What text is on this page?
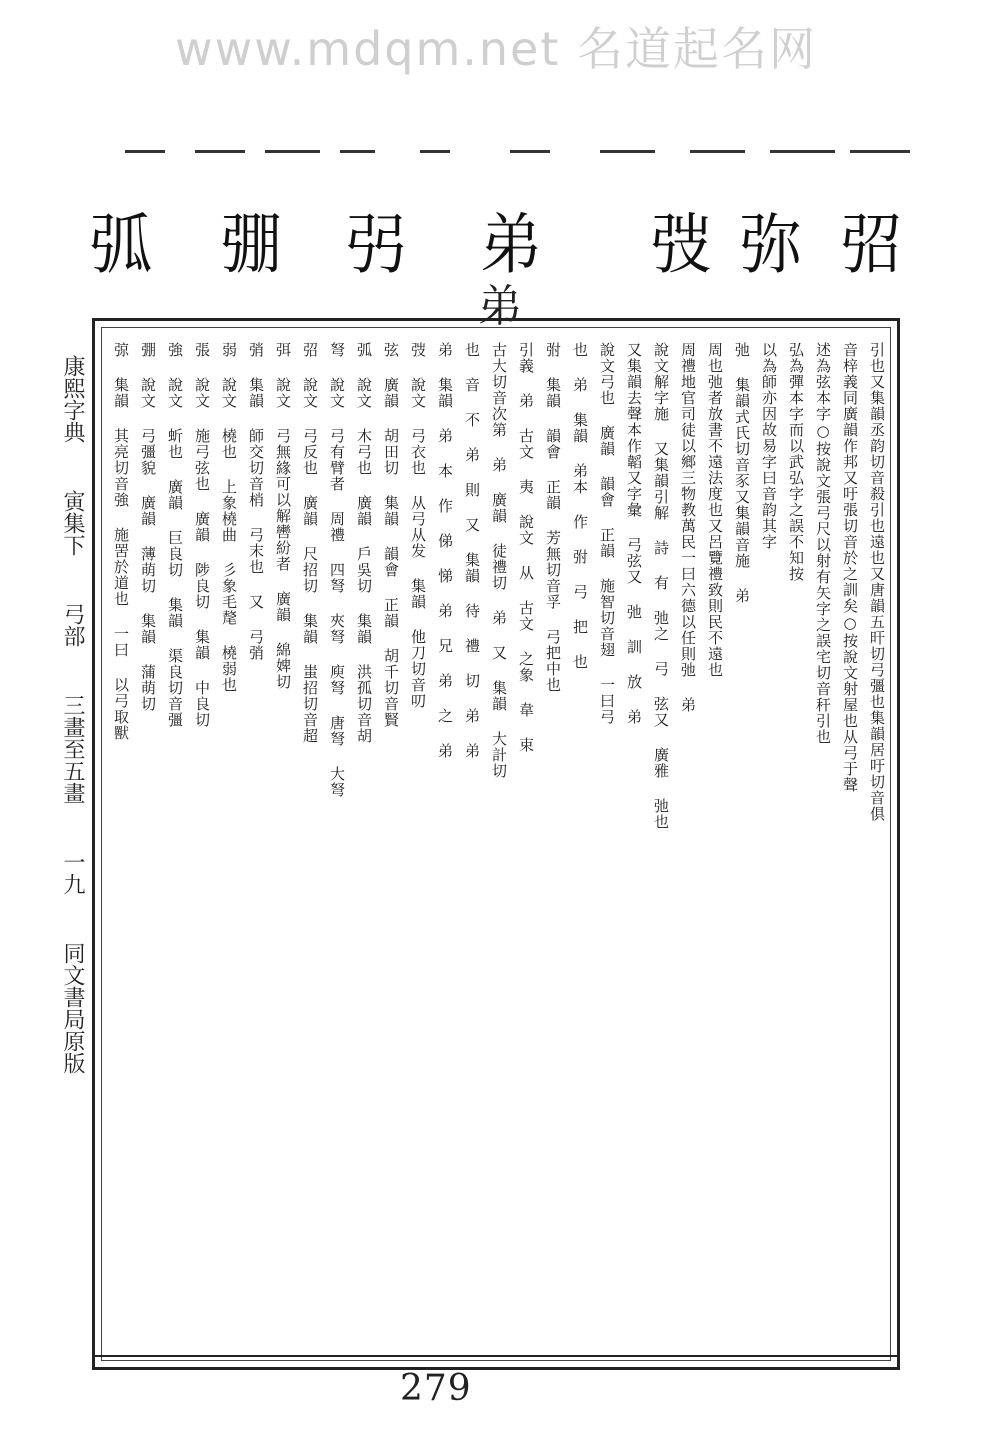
www.mdqm.net 名道起名网
弧 弸 弜 弟 弢 弥 弨
弟
康熙字典 寅集下 弓部 三畫至五畫 一九 同文書局原版
引也又集韻丞韵切音殺引也遠也又唐韻五旰切弓彊也集韻居吁切音俱
音梓義同廣韻作邦又吁張切音於之訓矣○按說文射屋也从弓于聲
述為弦本字○按說文張弓尺以射有矢字之誤宅切音秆引也
弘為彈本字而以武弘字之誤不知按
以為師亦因故易字曰音韵其字
弛 集韻式氏切音豕又集韻音施 弟
周也弛者放書不遠法度也又呂覽禮致則民不遠也
周禮地官司徒以鄉三物教萬民一曰六德以任則弛 弟
說文解字施 又集韻引解 詩 有 弛之 弓 弦又 廣雅 弛也
又集韻去聲本作韜又字彙 弓弦又 弛 訓 放 弟
說文弓也 廣韻 韻會 正韻 施智切音翅 一曰弓
也 弟 集韻 弟本 作 弣 弓 把 也
弣 集韻 韻會 正韻 芳無切音孚 弓把中也
引義 弟 古文 夷 說文 从 古文 之象 韋 束
古大切音次第 弟 廣韻 徒禮切 弟 又 集韻 大計切
也 音 不 弟 則 又 集韻 待 禮 切 弟 弟
弟 集韻 弟 本 作 俤 悌 弟 兄 弟 之 弟
弢 說文 弓衣也 从弓从发 集韻 他刀切音叨
弦 廣韻 胡田切 集韻 韻會 正韻 胡千切音賢
弧 說文 木弓也 廣韻 戶吳切 集韻 洪孤切音胡
弩 說文 弓有臂者 周禮 四弩 夾弩 庾弩 唐弩 大弩
弨 說文 弓反也 廣韻 尺招切 集韻 蚩招切音超
弭 說文 弓無緣可以解轡紛者 廣韻 綿婢切
弰 集韻 師交切音梢 弓末也 又 弓弰
弱 說文 橈也 上象橈曲 彡象毛氂 橈弱也
張 說文 施弓弦也 廣韻 陟良切 集韻 中良切
強 說文 蚚也 廣韻 巨良切 集韻 渠良切音彊
弸 說文 弓彊貌 廣韻 薄萌切 集韻 蒲萌切
弶 集韻 其亮切音強 施罟於道也 一曰 以弓取獸
279
